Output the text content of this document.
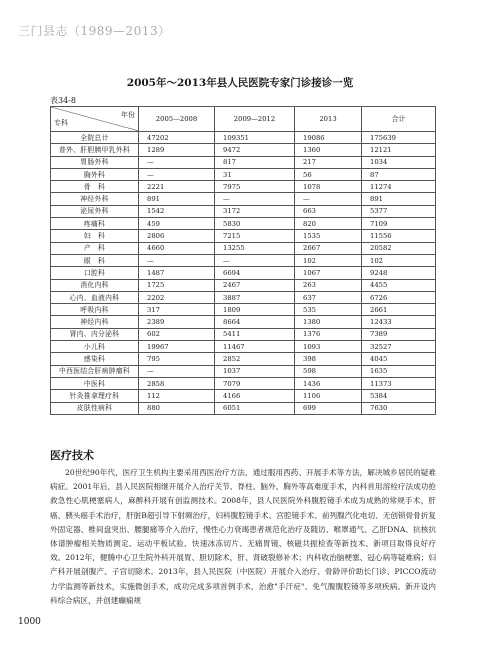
三门县志（1989—2013）
2005年～2013年县人民医院专家门诊接诊一览
表34-8
年份
专科	2005—2008	2009—2012	2013	合计
全院总计	47202	109351	19086	175639
普外、肝胆胰甲乳外科	1289	9472	1360	12121
胃肠外科	—	817	217	1034
胸外科	—	31	56	87
骨　科	2221	7975	1078	11274
神经外科	891	—	—	891
泌尿外科	1542	3172	663	5377
疼痛科	459	5830	820	7109
妇　科	2806	7215	1535	11556
产　科	4660	13255	2667	20582
眼　科	—	—	102	102
口腔科	1487	6694	1067	9248
消化内科	1725	2467	263	4455
心内、血液内科	2202	3887	637	6726
呼吸内科	317	1809	535	2661
神经内科	2389	8664	1380	12433
肾内、内分泌科	602	5411	1376	7389
小儿科	19967	11467	1093	32527
感染科	795	2852	398	4045
中西医结合肝病肿瘤科	—	1037	598	1635
中医科	2858	7079	1436	11373
针灸推拿理疗科	112	4166	1106	5384
皮肤性病科	880	6051	699	7630
医疗技术

20世纪90年代，医疗卫生机构主要采用西医治疗方法，通过服用西药、开展手术等方法，解决城乡居民的疑难病症。2001年后，县人民医院相继开展介入治疗关节、脊柱、脑外、胸外等高难度手术，内科首用溶栓疗法成功抢救急性心肌梗塞病人，麻醉科开展有创监测技术。2008年，县人民医院外科腹腔镜手术成为成熟的常规手术，肝癌、胰头癌手术治疗，肝脏B超引导下射频治疗，妇科腹腔镜手术、宫腔镜手术、前列腺汽化电切、无创锁骨骨折复外固定器、椎间盘突出、腰腿痛等介入治疗，慢性心力衰竭患者规范化治疗及随访、喉罩通气、乙肝DNA、抗核抗体谱肿瘤相关物质测定、运动平板试验、快速冰冻切片、无痛胃镜、核磁共振检查等新技术、新项目取得良好疗效。2012年，健腾中心卫生院外科开展胃、胆切除术，肝、肾破裂修补术；内科收治脑梗塞、冠心病等疑难病；妇产科开展剖腹产、子宫切除术。2013年，县人民医院（中医院）开展介入治疗、骨龄评价助长门诊、PICCO流动力学监测等新技术，实施微创手术，成功完成多项首例手术，治愈"手汗症"、免气腹腹腔镜等多项疾病。新开设内科综合病区，并创建癫痫规

1000
